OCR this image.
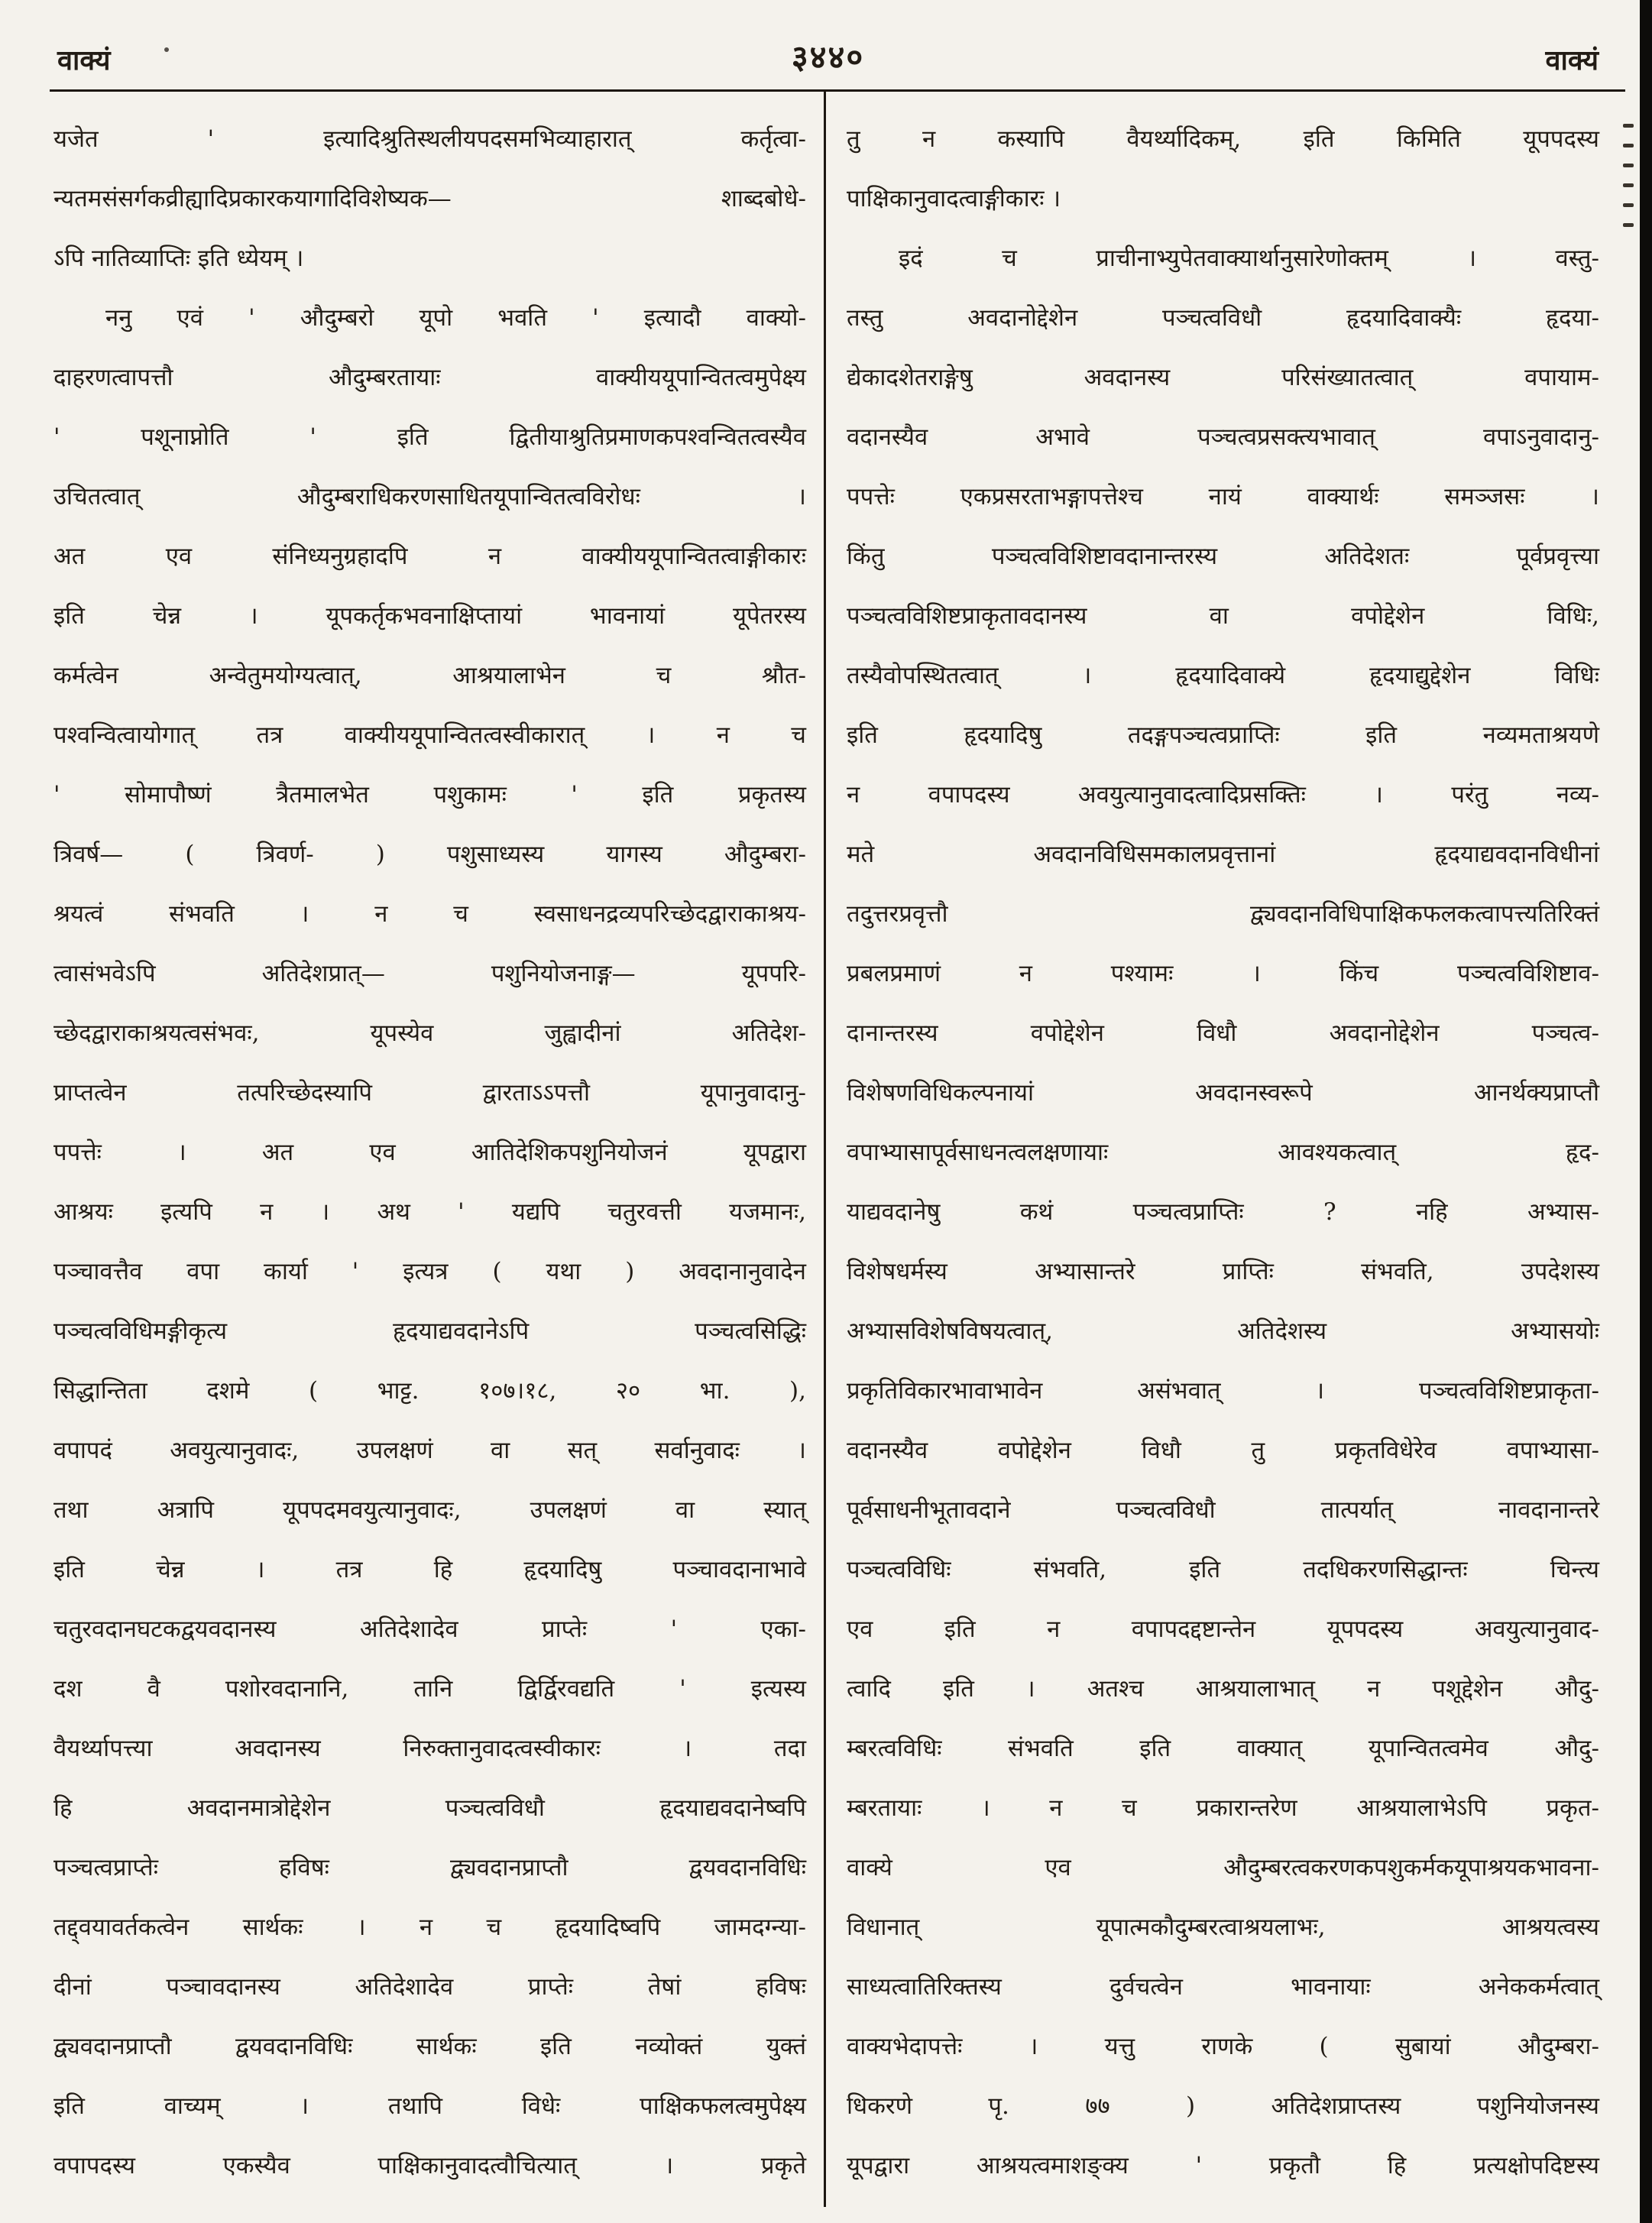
वाक्यं	३४४०	वाक्यं
यजेत ' इत्यादिश्रुतिस्थलीयपदसमभिव्याहारात् कर्तृत्वा-
न्यतमसंसर्गकव्रीह्यादिप्रकारकयागादिविशेष्यक— शाब्दबोधे-
ऽपि नातिव्याप्तिः इति ध्येयम् ।
ननु एवं ' औदुम्बरो यूपो भवति ' इत्यादौ वाक्यो-
दाहरणत्वापत्तौ औदुम्बरतायाः वाक्यीययूपान्वितत्वमुपेक्ष्य
' पशूनाप्नोति ' इति द्वितीयाश्रुतिप्रमाणकपश्वन्वितत्वस्यैव
उचितत्वात् औदुम्बराधिकरणसाधितयूपान्वितत्वविरोधः ।
अत एव संनिध्यनुग्रहादपि न वाक्यीययूपान्वितत्वाङ्गीकारः
इति चेन्न । यूपकर्तृकभवनाक्षिप्तायां भावनायां यूपेतरस्य
कर्मत्वेन अन्वेतुमयोग्यत्वात्, आश्रयालाभेन च श्रौत-
पश्वन्वित्वायोगात् तत्र वाक्यीययूपान्वितत्वस्वीकारात् । न च
' सोमापौष्णं त्रैतमालभेत पशुकामः ' इति प्रकृतस्य
त्रिवर्ष— ( त्रिवर्ण- ) पशुसाध्यस्य यागस्य औदुम्बरा-
श्रयत्वं संभवति । न च स्वसाधनद्रव्यपरिच्छेदद्वाराकाश्रय-
त्वासंभवेऽपि अतिदेशप्रात्— पशुनियोजनाङ्ग— यूपपरि-
च्छेदद्वाराकाश्रयत्वसंभवः, यूपस्येव जुह्वादीनां अतिदेश-
प्राप्तत्वेन तत्परिच्छेदस्यापि द्वारताऽऽपत्तौ यूपानुवादानु-
पपत्तेः । अत एव आतिदेशिकपशुनियोजनं यूपद्वारा
आश्रयः इत्यपि न । अथ ' यद्यपि चतुरवत्ती यजमानः,
पञ्चावत्तैव वपा कार्या ' इत्यत्र ( यथा ) अवदानानुवादेन
पञ्चत्वविधिमङ्गीकृत्य हृदयाद्यवदानेऽपि पञ्चत्वसिद्धिः
सिद्धान्तिता दशमे ( भाट्ट. १०७।१८, २० भा. ),
वपापदं अवयुत्यानुवादः, उपलक्षणं वा सत् सर्वानुवादः ।
तथा अत्रापि यूपपदमवयुत्यानुवादः, उपलक्षणं वा स्यात्
इति चेन्न । तत्र हि हृदयादिषु पञ्चावदानाभावे
चतुरवदानघटकद्वयवदानस्य अतिदेशादेव प्राप्तेः ' एका-
दश वै पशोरवदानानि, तानि द्विर्द्विरवद्यति ' इत्यस्य
वैयर्थ्यापत्त्या अवदानस्य निरुक्तानुवादत्वस्वीकारः । तदा
हि अवदानमात्रोद्देशेन पञ्चत्वविधौ हृदयाद्यवदानेष्वपि
पञ्चत्वप्राप्तेः हविषः द्व्यवदानप्राप्तौ द्वयवदानविधिः
तद्द्वयावर्तकत्वेन सार्थकः । न च हृदयादिष्वपि जामदग्न्या-
दीनां पञ्चावदानस्य अतिदेशादेव प्राप्तेः तेषां हविषः
द्व्यवदानप्राप्तौ द्वयवदानविधिः सार्थकः इति नव्योक्तं युक्तं
इति वाच्यम् । तथापि विधेः पाक्षिकफलत्वमुपेक्ष्य
वपापदस्य एकस्यैव पाक्षिकानुवादत्वौचित्यात् । प्रकृते
तु न कस्यापि वैयर्थ्यादिकम्, इति किमिति यूपपदस्य
पाक्षिकानुवादत्वाङ्गीकारः ।
इदं च प्राचीनाभ्युपेतवाक्यार्थानुसारेणोक्तम् । वस्तु-
तस्तु अवदानोद्देशेन पञ्चत्वविधौ हृदयादिवाक्यैः हृदया-
द्येकादशेतराङ्गेषु अवदानस्य परिसंख्यातत्वात् वपायाम-
वदानस्यैव अभावे पञ्चत्वप्रसक्त्यभावात् वपाऽनुवादानु-
पपत्तेः एकप्रसरताभङ्गापत्तेश्च नायं वाक्यार्थः समञ्जसः ।
किंतु पञ्चत्वविशिष्टावदानान्तरस्य अतिदेशतः पूर्वप्रवृत्त्या
पञ्चत्वविशिष्टप्राकृतावदानस्य वा वपोद्देशेन विधिः,
तस्यैवोपस्थितत्वात् । हृदयादिवाक्ये हृदयाद्युद्देशेन विधिः
इति हृदयादिषु तदङ्गपञ्चत्वप्राप्तिः इति नव्यमताश्रयणे
न वपापदस्य अवयुत्यानुवादत्वादिप्रसक्तिः । परंतु नव्य-
मते अवदानविधिसमकालप्रवृत्तानां हृदयाद्यवदानविधीनां
तदुत्तरप्रवृत्तौ द्व्यवदानविधिपाक्षिकफलकत्वापत्त्यतिरिक्तं
प्रबलप्रमाणं न पश्यामः । किंच पञ्चत्वविशिष्टाव-
दानान्तरस्य वपोद्देशेन विधौ अवदानोद्देशेन पञ्चत्व-
विशेषणविधिकल्पनायां अवदानस्वरूपे आनर्थक्यप्राप्तौ
वपाभ्यासापूर्वसाधनत्वलक्षणायाः आवश्यकत्वात् हृद-
याद्यवदानेषु कथं पञ्चत्वप्राप्तिः ? नहि अभ्यास-
विशेषधर्मस्य अभ्यासान्तरे प्राप्तिः संभवति, उपदेशस्य
अभ्यासविशेषविषयत्वात्, अतिदेशस्य अभ्यासयोः
प्रकृतिविकारभावाभावेन असंभवात् । पञ्चत्वविशिष्टप्राकृता-
वदानस्यैव वपोद्देशेन विधौ तु प्रकृतविधेरेव वपाभ्यासा-
पूर्वसाधनीभूतावदाने पञ्चत्वविधौ तात्पर्यात् नावदानान्तरे
पञ्चत्वविधिः संभवति, इति तदधिकरणसिद्धान्तः चिन्त्य
एव इति न वपापदद्दष्टान्तेन यूपपदस्य अवयुत्यानुवाद-
त्वादि इति । अतश्च आश्रयालाभात् न पशूद्देशेन औदु-
म्बरत्वविधिः संभवति इति वाक्यात् यूपान्वितत्वमेव औदु-
म्बरतायाः । न च प्रकारान्तरेण आश्रयालाभेऽपि प्रकृत-
वाक्ये एव औदुम्बरत्वकरणकपशुकर्मकयूपाश्रयकभावना-
विधानात् यूपात्मकौदुम्बरत्वाश्रयलाभः, आश्रयत्वस्य
साध्यत्वातिरिक्तस्य दुर्वचत्वेन भावनायाः अनेककर्मत्वात्
वाक्यभेदापत्तेः । यत्तु राणके ( सुबायां औदुम्बरा-
धिकरणे पृ. ७७ ) अतिदेशप्राप्तस्य पशुनियोजनस्य
यूपद्वारा आश्रयत्वमाशङ्क्य ' प्रकृतौ हि प्रत्यक्षोपदिष्टस्य
